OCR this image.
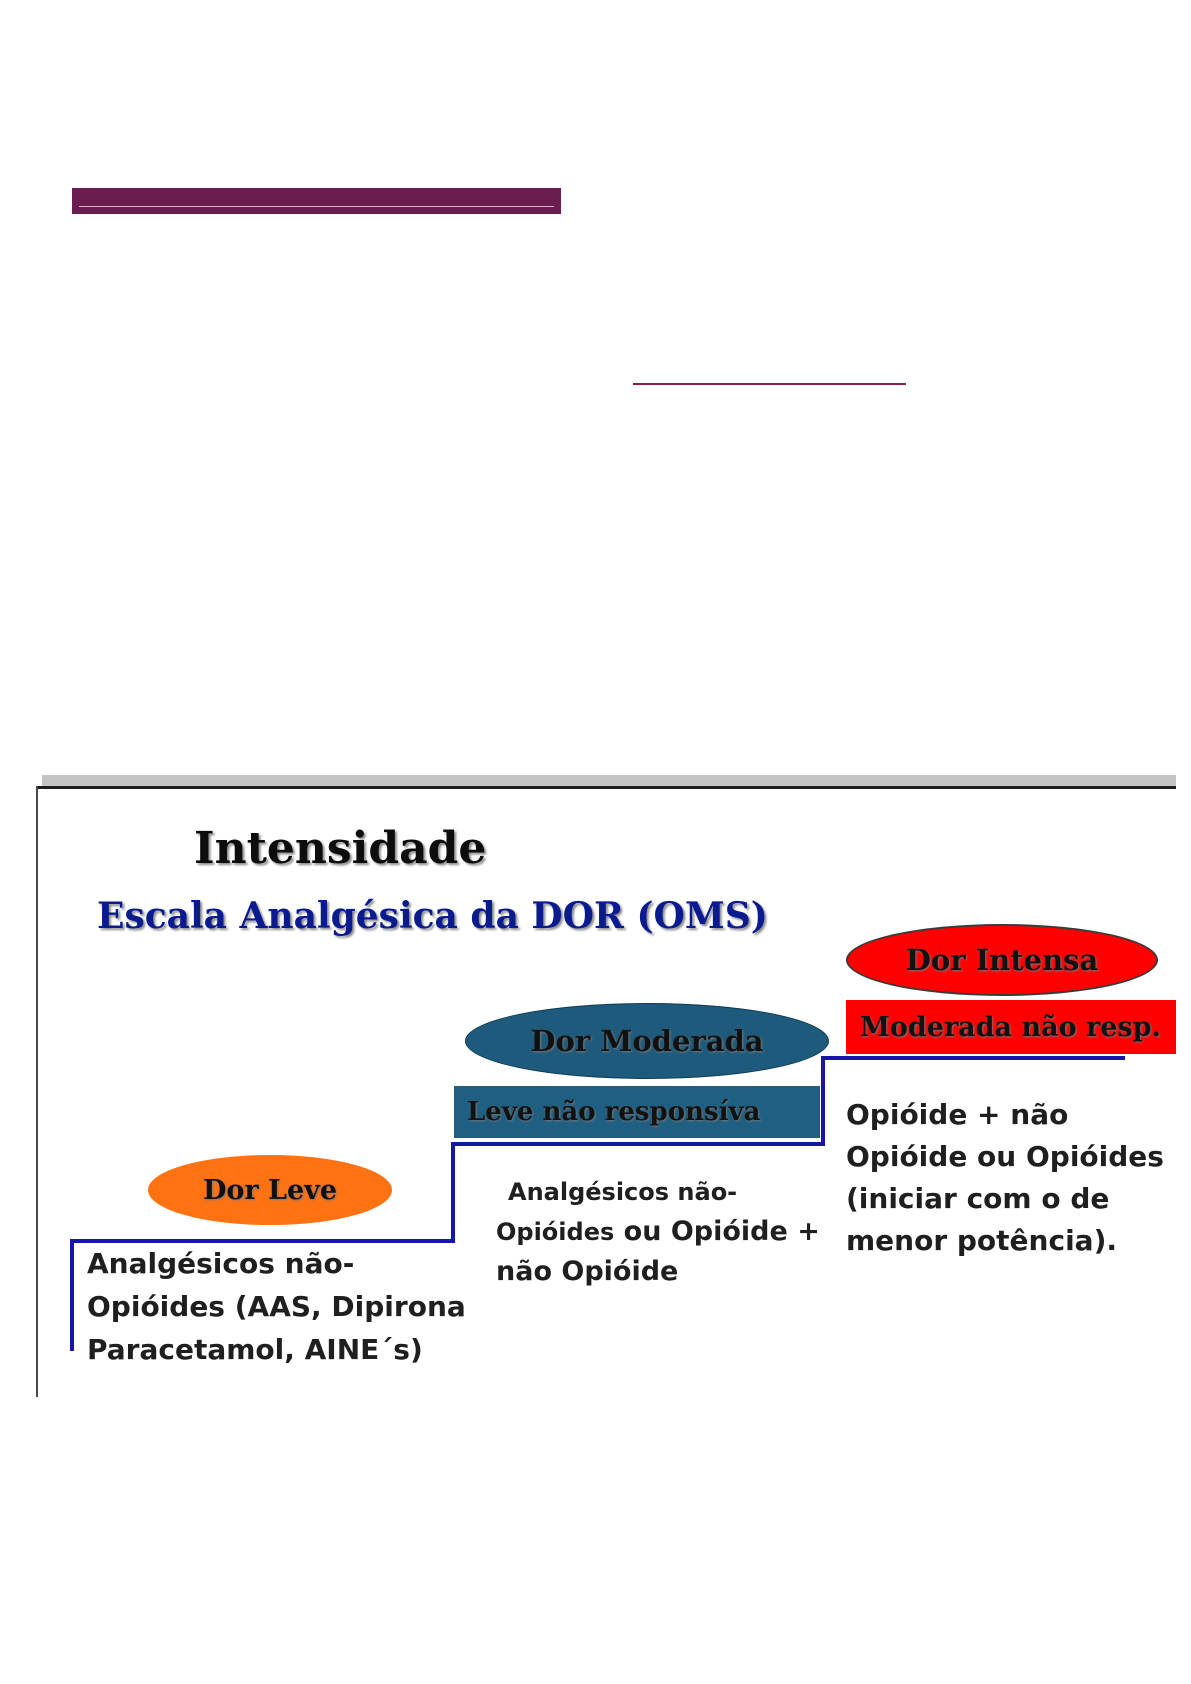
Intensidade
Escala Analgésica da DOR (OMS)
Dor Leve
Dor Moderada
Leve não responsíva
Dor Intensa
Moderada não resp.

Analgésicos não-
Opióides (AAS, Dipirona
Paracetamol, AINE´s)

Analgésicos não-
Opióides ou Opióide +
não Opióide

Opióide + não
Opióide ou Opióides
(iniciar com o de
menor potência).
